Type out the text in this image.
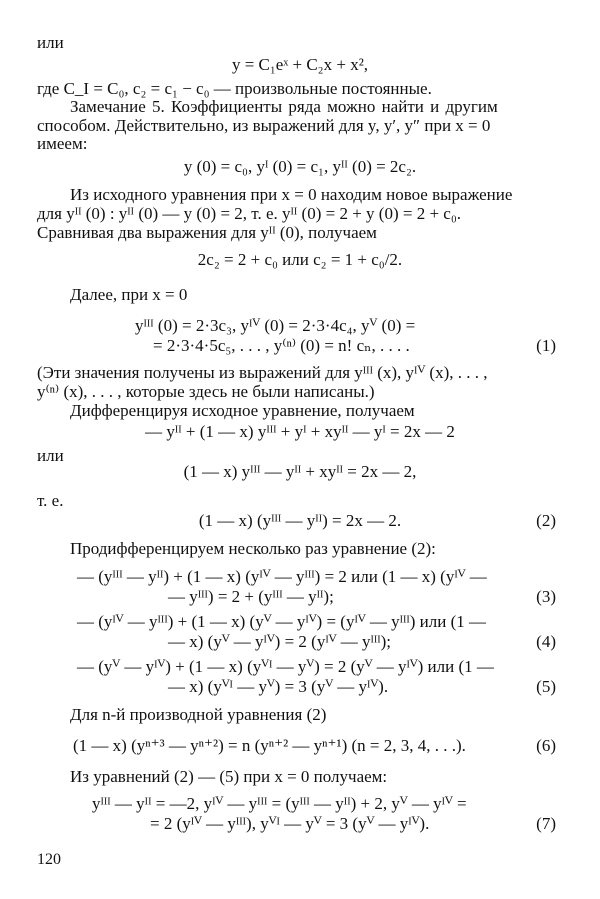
или
y = C₁eˣ + C₂x + x²,
где C_I = C₀, c₂ = c₁ − c₀ — произвольные постоянные.
Замечание 5. Коэффициенты ряда можно найти и другим
способом. Действительно, из выражений для y, y′, y″ при x = 0
имеем:
y (0) = c₀, yᴵ (0) = c₁, yᴵᴵ (0) = 2c₂.
Из исходного уравнения при x = 0 находим новое выражение
для yᴵᴵ (0) : yᴵᴵ (0) — y (0) = 2, т. е. yᴵᴵ (0) = 2 + y (0) = 2 + c₀.
Сравнивая два выражения для yᴵᴵ (0), получаем
2c₂ = 2 + c₀ или c₂ = 1 + c₀/2.
Далее, при x = 0
yᴵᴵᴵ (0) = 2·3c₃, yᴵⱽ (0) = 2·3·4c₄, yⱽ (0) =
= 2·3·4·5c₅, . . . , y⁽ⁿ⁾ (0) = n! cₙ, . . . .	(1)
(Эти значения получены из выражений для yᴵᴵᴵ (x), yᴵⱽ (x), . . . ,
y⁽ⁿ⁾ (x), . . . , которые здесь не были написаны.)
Дифференцируя исходное уравнение, получаем
— yᴵᴵ + (1 — x) yᴵᴵᴵ + yᴵ + xyᴵᴵ — yᴵ = 2x — 2
или
(1 — x) yᴵᴵᴵ — yᴵᴵ + xyᴵᴵ = 2x — 2,
т. е.
(1 — x) (yᴵᴵᴵ — yᴵᴵ) = 2x — 2.	(2)
Продифференцируем несколько раз уравнение (2):
— (yᴵᴵᴵ — yᴵᴵ) + (1 — x) (yᴵⱽ — yᴵᴵᴵ) = 2 или (1 — x) (yᴵⱽ —
— yᴵᴵᴵ) = 2 + (yᴵᴵᴵ — yᴵᴵ);	(3)
— (yᴵⱽ — yᴵᴵᴵ) + (1 — x) (yⱽ — yᴵⱽ) = (yᴵⱽ — yᴵᴵᴵ) или (1 —
— x) (yⱽ — yᴵⱽ) = 2 (yᴵⱽ — yᴵᴵᴵ);	(4)
— (yⱽ — yᴵⱽ) + (1 — x) (yⱽᴵ — yⱽ) = 2 (yⱽ — yᴵⱽ) или (1 —
— x) (yⱽᴵ — yⱽ) = 3 (yⱽ — yᴵⱽ).	(5)
Для n-й производной уравнения (2)
(1 — x) (yⁿ⁺³ — yⁿ⁺²) = n (yⁿ⁺² — yⁿ⁺¹) (n = 2, 3, 4, . . .).	(6)
Из уравнений (2) — (5) при x = 0 получаем:
yᴵᴵᴵ — yᴵᴵ = —2, yᴵⱽ — yᴵᴵᴵ = (yᴵᴵᴵ — yᴵᴵ) + 2, yⱽ — yᴵⱽ =
= 2 (yᴵⱽ — yᴵᴵᴵ), yⱽᴵ — yⱽ = 3 (yⱽ — yᴵⱽ).	(7)
120
